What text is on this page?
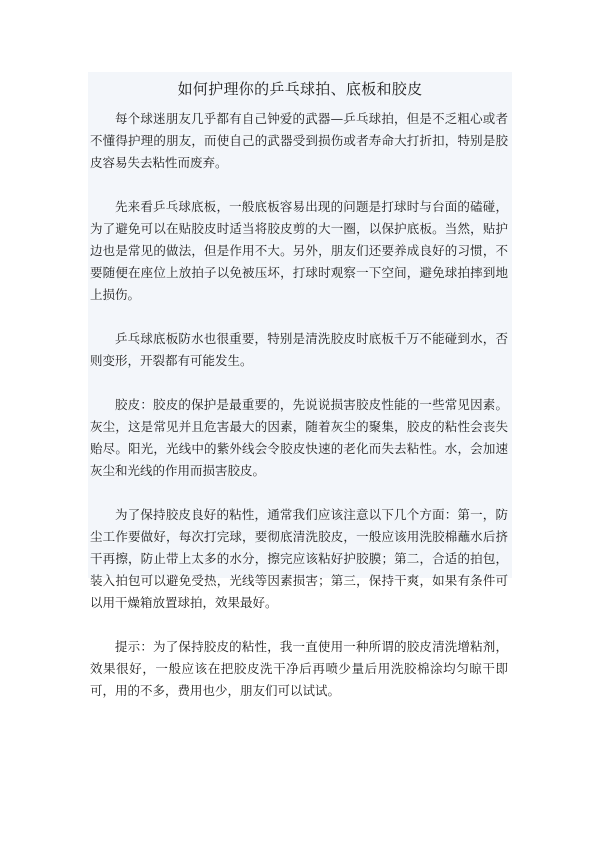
如何护理你的乒乓球拍、底板和胶皮

每个球迷朋友几乎都有自己钟爱的武器—乒乓球拍，但是不乏粗心或者不懂得护理的朋友，而使自己的武器受到损伤或者寿命大打折扣，特别是胶皮容易失去粘性而废弃。

先来看乒乓球底板，一般底板容易出现的问题是打球时与台面的磕碰，为了避免可以在贴胶皮时适当将胶皮剪的大一圈，以保护底板。当然，贴护边也是常见的做法，但是作用不大。另外，朋友们还要养成良好的习惯，不要随便在座位上放拍子以免被压坏，打球时观察一下空间，避免球拍摔到地上损伤。

乒乓球底板防水也很重要，特别是清洗胶皮时底板千万不能碰到水，否则变形，开裂都有可能发生。

胶皮：胶皮的保护是最重要的，先说说损害胶皮性能的一些常见因素。灰尘，这是常见并且危害最大的因素，随着灰尘的聚集，胶皮的粘性会丧失贻尽。阳光，光线中的紫外线会令胶皮快速的老化而失去粘性。水，会加速灰尘和光线的作用而损害胶皮。

为了保持胶皮良好的粘性，通常我们应该注意以下几个方面：第一，防尘工作要做好，每次打完球，要彻底清洗胶皮，一般应该用洗胶棉蘸水后挤干再擦，防止带上太多的水分，擦完应该粘好护胶膜；第二，合适的拍包，装入拍包可以避免受热，光线等因素损害；第三，保持干爽，如果有条件可以用干燥箱放置球拍，效果最好。

提示：为了保持胶皮的粘性，我一直使用一种所谓的胶皮清洗增粘剂，效果很好，一般应该在把胶皮洗干净后再喷少量后用洗胶棉涂均匀晾干即可，用的不多，费用也少，朋友们可以试试。
